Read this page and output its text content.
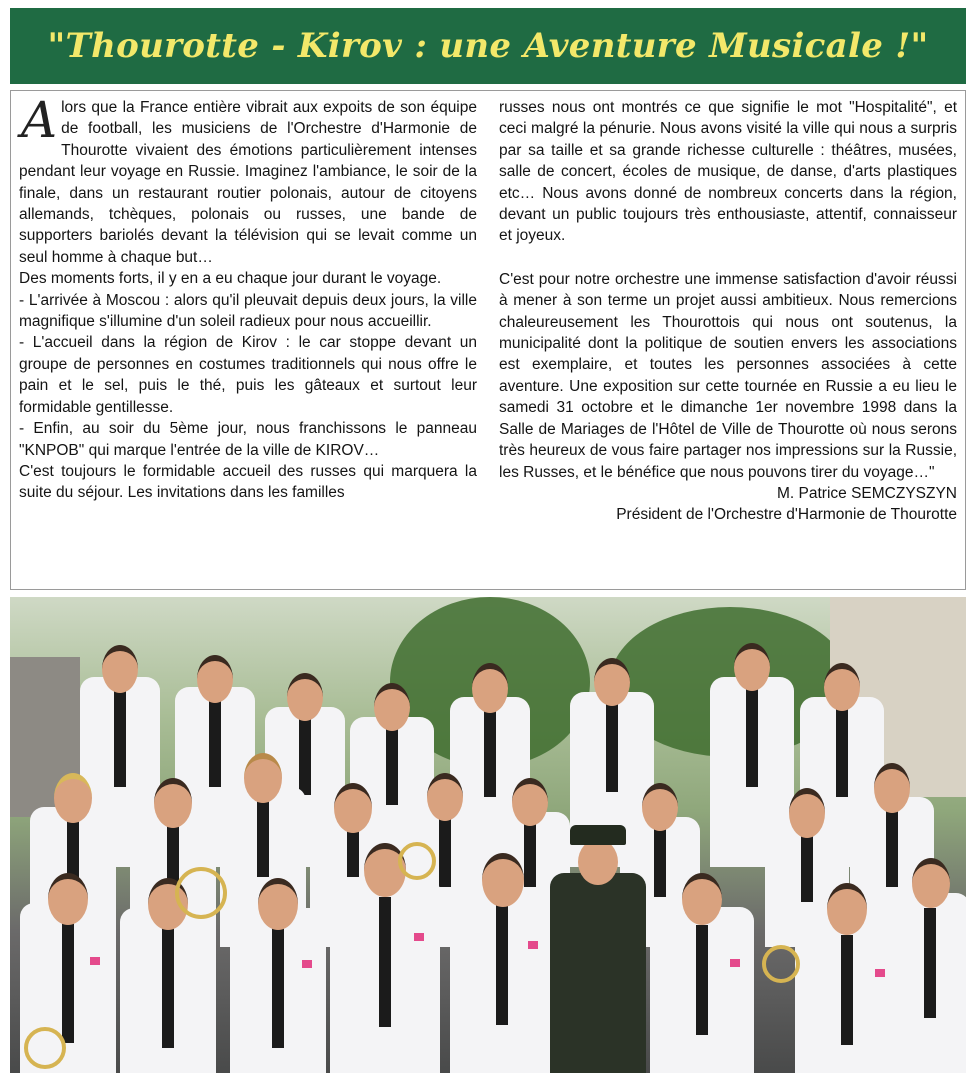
"Thourotte - Kirov : une Aventure Musicale !"

Alors que la France entière vibrait aux expoits de son équipe de football, les musiciens de l'Orchestre d'Harmonie de Thourotte vivaient des émotions particulièrement intenses pendant leur voyage en Russie. Imaginez l'ambiance, le soir de la finale, dans un restaurant routier polonais, autour de citoyens allemands, tchèques, polonais ou russes, une bande de supporters bariolés devant la télévision qui se levait comme un seul homme à chaque but…

Des moments forts, il y en a eu chaque jour durant le voyage.

- L'arrivée à Moscou : alors qu'il pleuvait depuis deux jours, la ville magnifique s'illumine d'un soleil radieux pour nous accueillir.

- L'accueil dans la région de Kirov : le car stoppe devant un groupe de personnes en costumes traditionnels qui nous offre le pain et le sel, puis le thé, puis les gâteaux et surtout leur formidable gentillesse.

- Enfin, au soir du 5ème jour, nous franchissons le panneau "KNPOB" qui marque l'entrée de la ville de KIROV…

C'est toujours le formidable accueil des russes qui marquera la suite du séjour. Les invitations dans les familles

russes nous ont montrés ce que signifie le mot "Hospitalité", et ceci malgré la pénurie. Nous avons visité la ville qui nous a surpris par sa taille et sa grande richesse culturelle : théâtres, musées, salle de concert, écoles de musique, de danse, d'arts plastiques etc… Nous avons donné de nombreux concerts dans la région, devant un public toujours très enthousiaste, attentif, connaisseur et joyeux.

C'est pour notre orchestre une immense satisfaction d'avoir réussi à mener à son terme un projet aussi ambitieux. Nous remercions chaleureusement les Thourottois qui nous ont soutenus, la municipalité dont la politique de soutien envers les associations est exemplaire, et toutes les personnes associées à cette aventure. Une exposition sur cette tournée en Russie a eu lieu le samedi 31 octobre et le dimanche 1er novembre 1998 dans la Salle de Mariages de l'Hôtel de Ville de Thourotte où nous serons très heureux de vous faire partager nos impressions sur la Russie, les Russes, et le bénéfice que nous pouvons tirer du voyage…"

M. Patrice SEMCZYSZYN

Président de l'Orchestre d'Harmonie de Thourotte
